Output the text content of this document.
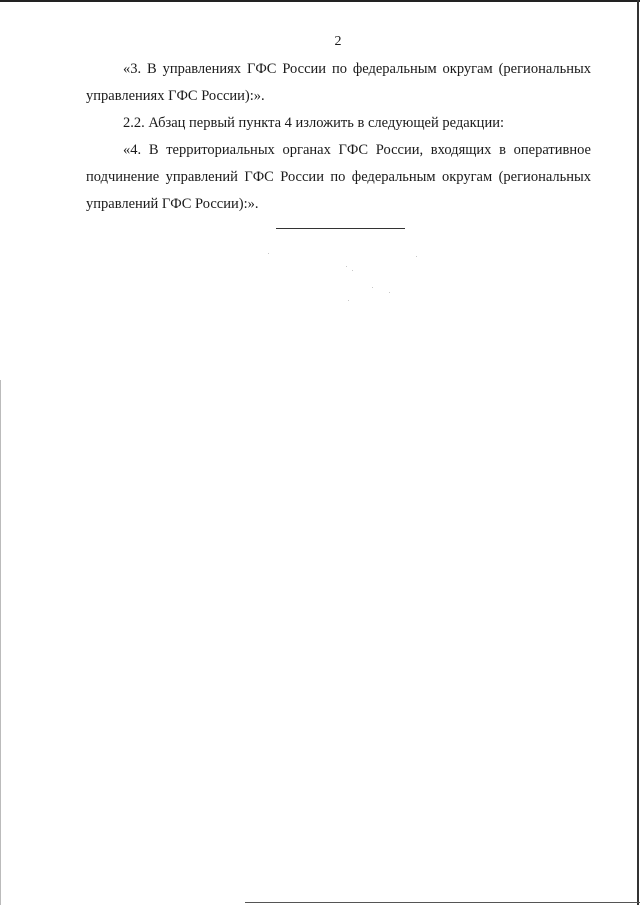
2

«3. В управлениях ГФС России по федеральным округам (региональных управлениях ГФС России):».

2.2. Абзац первый пункта 4 изложить в следующей редакции:

«4. В территориальных органах ГФС России, входящих в оперативное подчинение управлений ГФС России по федеральным округам (региональных управлений ГФС России):».
